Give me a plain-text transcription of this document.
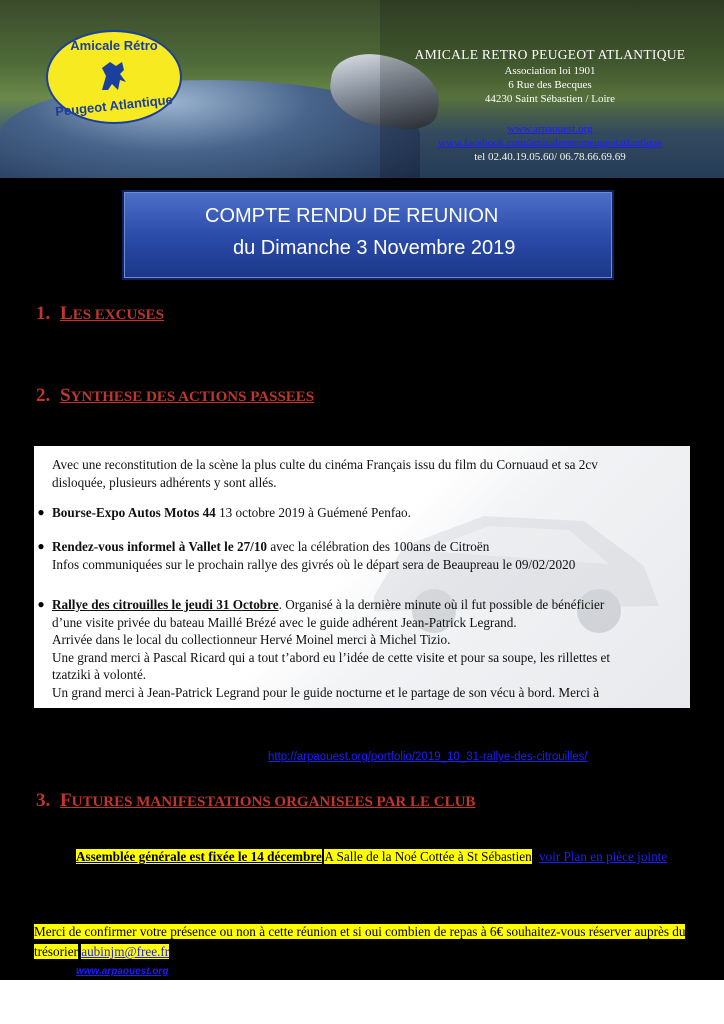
Amicale Rétro
Peugeot Atlantique
AMICALE RETRO PEUGEOT ATLANTIQUE
Association loi 1901
6 Rue des Becques
44230 Saint Sébastien / Loire
www.arpaouest.org
www.facebook.com/amicaleretropeugeotatlantique
tel 02.40.19.05.60/ 06.78.66.69.69
COMPTE RENDU DE REUNION
du Dimanche 3 Novembre 2019
1. LES EXCUSES
2. SYNTHESE DES ACTIONS PASSEES

Avec une reconstitution de la scène la plus culte du cinéma Français issu du film du Cornuaud et sa 2cv
disloquée, plusieurs adhérents y sont allés.

● Bourse-Expo Autos Motos 44 13 octobre 2019 à Guémené Penfao.

● Rendez-vous informel à Vallet le 27/10 avec la célébration des 100ans de Citroën
Infos communiquées sur le prochain rallye des givrés où le départ sera de Beaupreau le 09/02/2020

● Rallye des citrouilles le jeudi 31 Octobre. Organisé à la dernière minute où il fut possible de bénéficier
d’une visite privée du bateau Maillé Brézé avec le guide adhérent Jean-Patrick Legrand.
Arrivée dans le local du collectionneur Hervé Moinel merci à Michel Tizio.
Une grand merci à Pascal Ricard qui a tout t’abord eu l’idée de cette visite et pour sa soupe, les rillettes et
tzatziki à volonté.
Un grand merci à Jean-Patrick Legrand pour le guide nocturne et le partage de son vécu à bord. Merci à

http://arpaouest.org/portfolio/2019_10_31-rallye-des-citrouilles/
3. FUTURES MANIFESTATIONS ORGANISEES PAR LE CLUB
Assemblée générale est fixée le 14 décembre A Salle de la Noé Cottée à St Sébastien voir Plan en pièce jointe
Merci de confirmer votre présence ou non à cette réunion et si oui combien de repas à 6€ souhaitez-vous réserver auprès du trésorier aubinjm@free.fr
www.arpaouest.org
